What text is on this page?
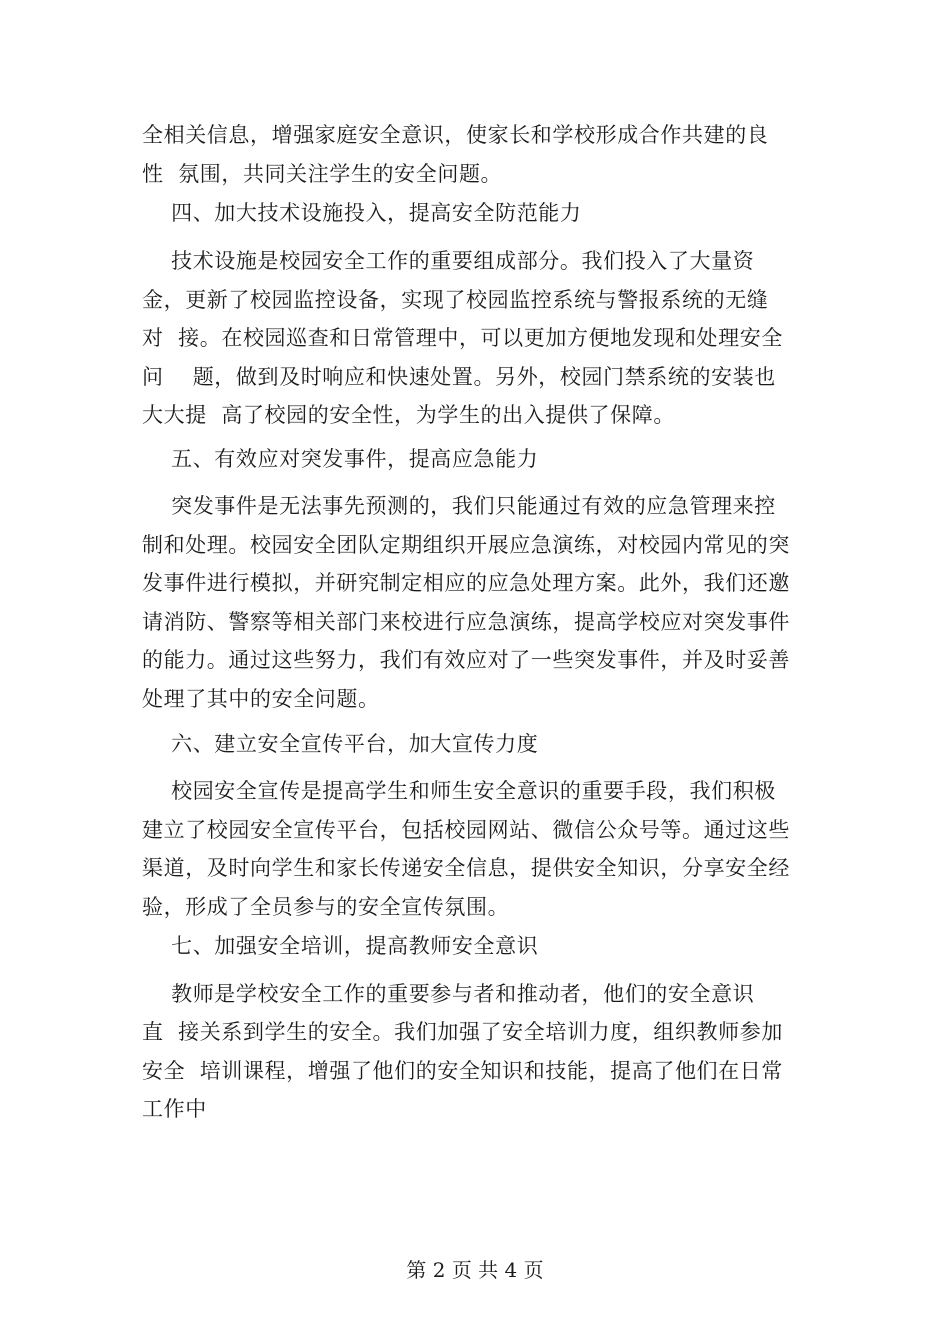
全相关信息，增强家庭安全意识，使家长和学校形成合作共建的良
性  氛围，共同关注学生的安全问题。
四、加大技术设施投入，提高安全防范能力
技术设施是校园安全工作的重要组成部分。我们投入了大量资
金，更新了校园监控设备，实现了校园监控系统与警报系统的无缝
对  接。在校园巡查和日常管理中，可以更加方便地发现和处理安全
问    题，做到及时响应和快速处置。另外，校园门禁系统的安装也
大大提  高了校园的安全性，为学生的出入提供了保障。
五、有效应对突发事件，提高应急能力
突发事件是无法事先预测的，我们只能通过有效的应急管理来控
制和处理。校园安全团队定期组织开展应急演练，对校园内常见的突
发事件进行模拟，并研究制定相应的应急处理方案。此外，我们还邀
请消防、警察等相关部门来校进行应急演练，提高学校应对突发事件
的能力。通过这些努力，我们有效应对了一些突发事件，并及时妥善
处理了其中的安全问题。
六、建立安全宣传平台，加大宣传力度
校园安全宣传是提高学生和师生安全意识的重要手段，我们积极
建立了校园安全宣传平台，包括校园网站、微信公众号等。通过这些
渠道，及时向学生和家长传递安全信息，提供安全知识，分享安全经
验，形成了全员参与的安全宣传氛围。
七、加强安全培训，提高教师安全意识
教师是学校安全工作的重要参与者和推动者，他们的安全意识
直  接关系到学生的安全。我们加强了安全培训力度，组织教师参加
安全  培训课程，增强了他们的安全知识和技能，提高了他们在日常
工作中
第 2 页 共 4 页
